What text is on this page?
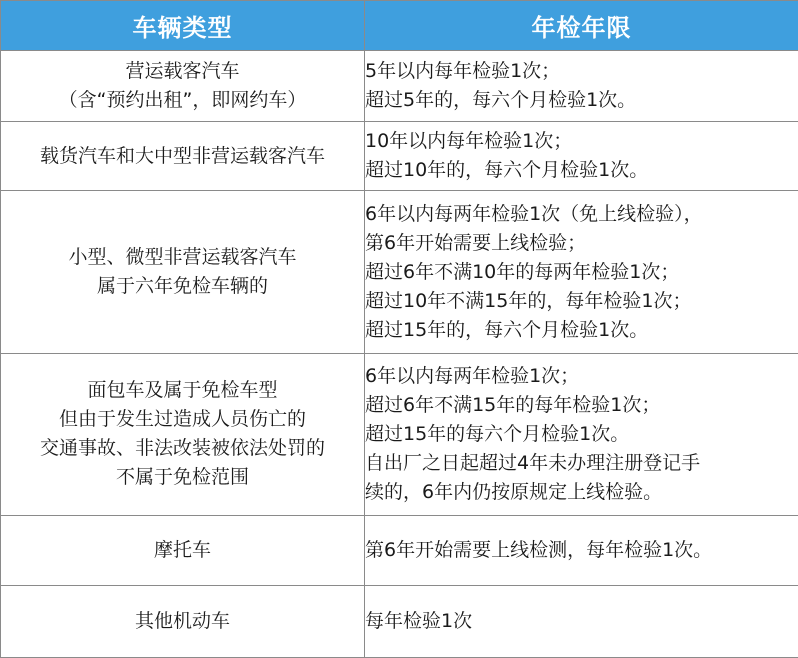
车辆类型	年检年限

营运载客汽车
（含“预约出租”，即网约车）	5年以内每年检验1次；
超过5年的，每六个月检验1次。

载货汽车和大中型非营运载客汽车	10年以内每年检验1次；
超过10年的，每六个月检验1次。

小型、微型非营运载客汽车
属于六年免检车辆的	6年以内每两年检验1次（免上线检验），
第6年开始需要上线检验；
超过6年不满10年的每两年检验1次；
超过10年不满15年的，每年检验1次；
超过15年的，每六个月检验1次。

面包车及属于免检车型
但由于发生过造成人员伤亡的
交通事故、非法改装被依法处罚的
不属于免检范围	6年以内每两年检验1次；
超过6年不满15年的每年检验1次；
超过15年的每六个月检验1次。
自出厂之日起超过4年未办理注册登记手
续的，6年内仍按原规定上线检验。

摩托车	第6年开始需要上线检测，每年检验1次。

其他机动车	每年检验1次
